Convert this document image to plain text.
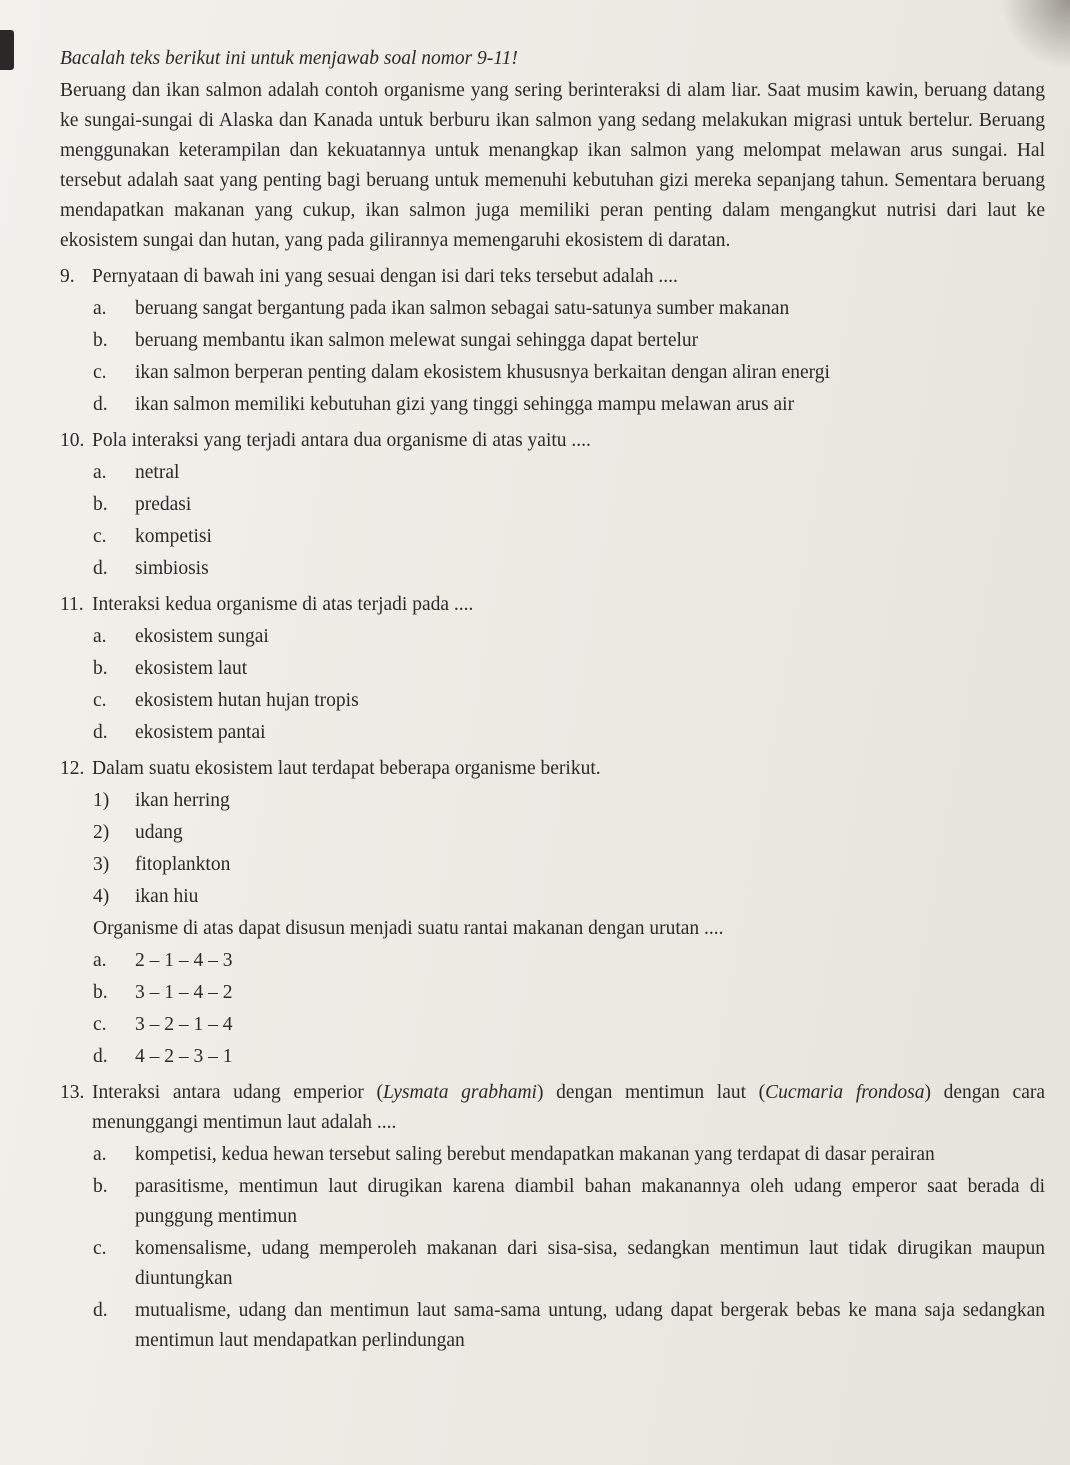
Bacalah teks berikut ini untuk menjawab soal nomor 9-11!

Beruang dan ikan salmon adalah contoh organisme yang sering berinteraksi di alam liar. Saat musim kawin, beruang datang ke sungai-sungai di Alaska dan Kanada untuk berburu ikan salmon yang sedang melakukan migrasi untuk bertelur. Beruang menggunakan keterampilan dan kekuatannya untuk menangkap ikan salmon yang melompat melawan arus sungai. Hal tersebut adalah saat yang penting bagi beruang untuk memenuhi kebutuhan gizi mereka sepanjang tahun. Sementara beruang mendapatkan makanan yang cukup, ikan salmon juga memiliki peran penting dalam mengangkut nutrisi dari laut ke ekosistem sungai dan hutan, yang pada gilirannya memengaruhi ekosistem di daratan.

9. Pernyataan di bawah ini yang sesuai dengan isi dari teks tersebut adalah ....
a.	beruang sangat bergantung pada ikan salmon sebagai satu-satunya sumber makanan
b.	beruang membantu ikan salmon melewat sungai sehingga dapat bertelur
c.	ikan salmon berperan penting dalam ekosistem khususnya berkaitan dengan aliran energi
d.	ikan salmon memiliki kebutuhan gizi yang tinggi sehingga mampu melawan arus air
10. Pola interaksi yang terjadi antara dua organisme di atas yaitu ....
a.	netral
b.	predasi
c.	kompetisi
d.	simbiosis
11. Interaksi kedua organisme di atas terjadi pada ....
a.	ekosistem sungai
b.	ekosistem laut
c.	ekosistem hutan hujan tropis
d.	ekosistem pantai
12. Dalam suatu ekosistem laut terdapat beberapa organisme berikut.
1)	ikan herring
2)	udang
3)	fitoplankton
4)	ikan hiu
Organisme di atas dapat disusun menjadi suatu rantai makanan dengan urutan ....
a.	2 – 1 – 4 – 3
b.	3 – 1 – 4 – 2
c.	3 – 2 – 1 – 4
d.	4 – 2 – 3 – 1
13. Interaksi antara udang emperior (Lysmata grabhami) dengan mentimun laut (Cucmaria frondosa) dengan cara menunggangi mentimun laut adalah ....
a.	kompetisi, kedua hewan tersebut saling berebut mendapatkan makanan yang terdapat di dasar perairan
b.	parasitisme, mentimun laut dirugikan karena diambil bahan makanannya oleh udang emperor saat berada di punggung mentimun
c.	komensalisme, udang memperoleh makanan dari sisa-sisa, sedangkan mentimun laut tidak dirugikan maupun diuntungkan
d.	mutualisme, udang dan mentimun laut sama-sama untung, udang dapat bergerak bebas ke mana saja sedangkan mentimun laut mendapatkan perlindungan
